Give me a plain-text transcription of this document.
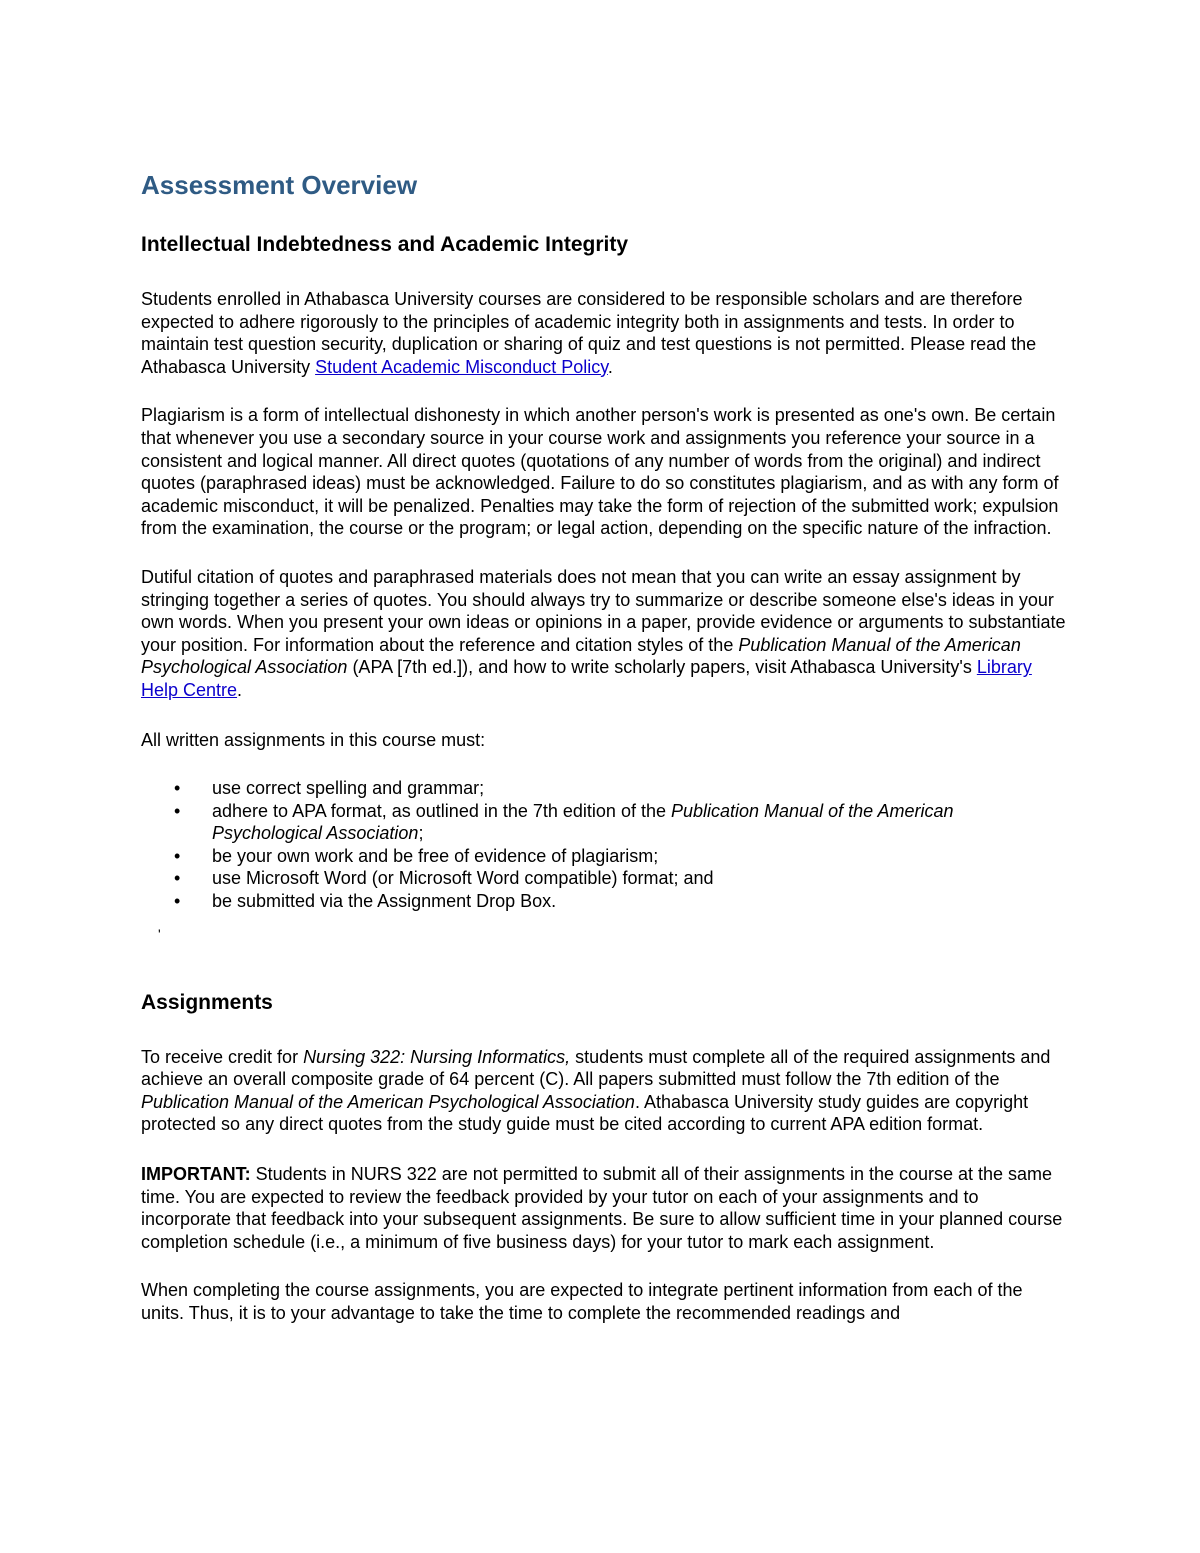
Assessment Overview
Intellectual Indebtedness and Academic Integrity

Students enrolled in Athabasca University courses are considered to be responsible scholars and are therefore expected to adhere rigorously to the principles of academic integrity both in assignments and tests. In order to maintain test question security, duplication or sharing of quiz and test questions is not permitted. Please read the Athabasca University Student Academic Misconduct Policy.

Plagiarism is a form of intellectual dishonesty in which another person's work is presented as one's own. Be certain that whenever you use a secondary source in your course work and assignments you reference your source in a consistent and logical manner. All direct quotes (quotations of any number of words from the original) and indirect quotes (paraphrased ideas) must be acknowledged. Failure to do so constitutes plagiarism, and as with any form of academic misconduct, it will be penalized. Penalties may take the form of rejection of the submitted work; expulsion from the examination, the course or the program; or legal action, depending on the specific nature of the infraction.

Dutiful citation of quotes and paraphrased materials does not mean that you can write an essay assignment by stringing together a series of quotes. You should always try to summarize or describe someone else's ideas in your own words. When you present your own ideas or opinions in a paper, provide evidence or arguments to substantiate your position. For information about the reference and citation styles of the Publication Manual of the American Psychological Association (APA [7th ed.]), and how to write scholarly papers, visit Athabasca University's Library Help Centre.

All written assignments in this course must:

• use correct spelling and grammar;
• adhere to APA format, as outlined in the 7th edition of the Publication Manual of the American Psychological Association;
• be your own work and be free of evidence of plagiarism;
• use Microsoft Word (or Microsoft Word compatible) format; and
• be submitted via the Assignment Drop Box.
'
Assignments

To receive credit for Nursing 322: Nursing Informatics, students must complete all of the required assignments and achieve an overall composite grade of 64 percent (C). All papers submitted must follow the 7th edition of the Publication Manual of the American Psychological Association. Athabasca University study guides are copyright protected so any direct quotes from the study guide must be cited according to current APA edition format.

IMPORTANT: Students in NURS 322 are not permitted to submit all of their assignments in the course at the same time. You are expected to review the feedback provided by your tutor on each of your assignments and to incorporate that feedback into your subsequent assignments. Be sure to allow sufficient time in your planned course completion schedule (i.e., a minimum of five business days) for your tutor to mark each assignment.

When completing the course assignments, you are expected to integrate pertinent information from each of the units. Thus, it is to your advantage to take the time to complete the recommended readings and
